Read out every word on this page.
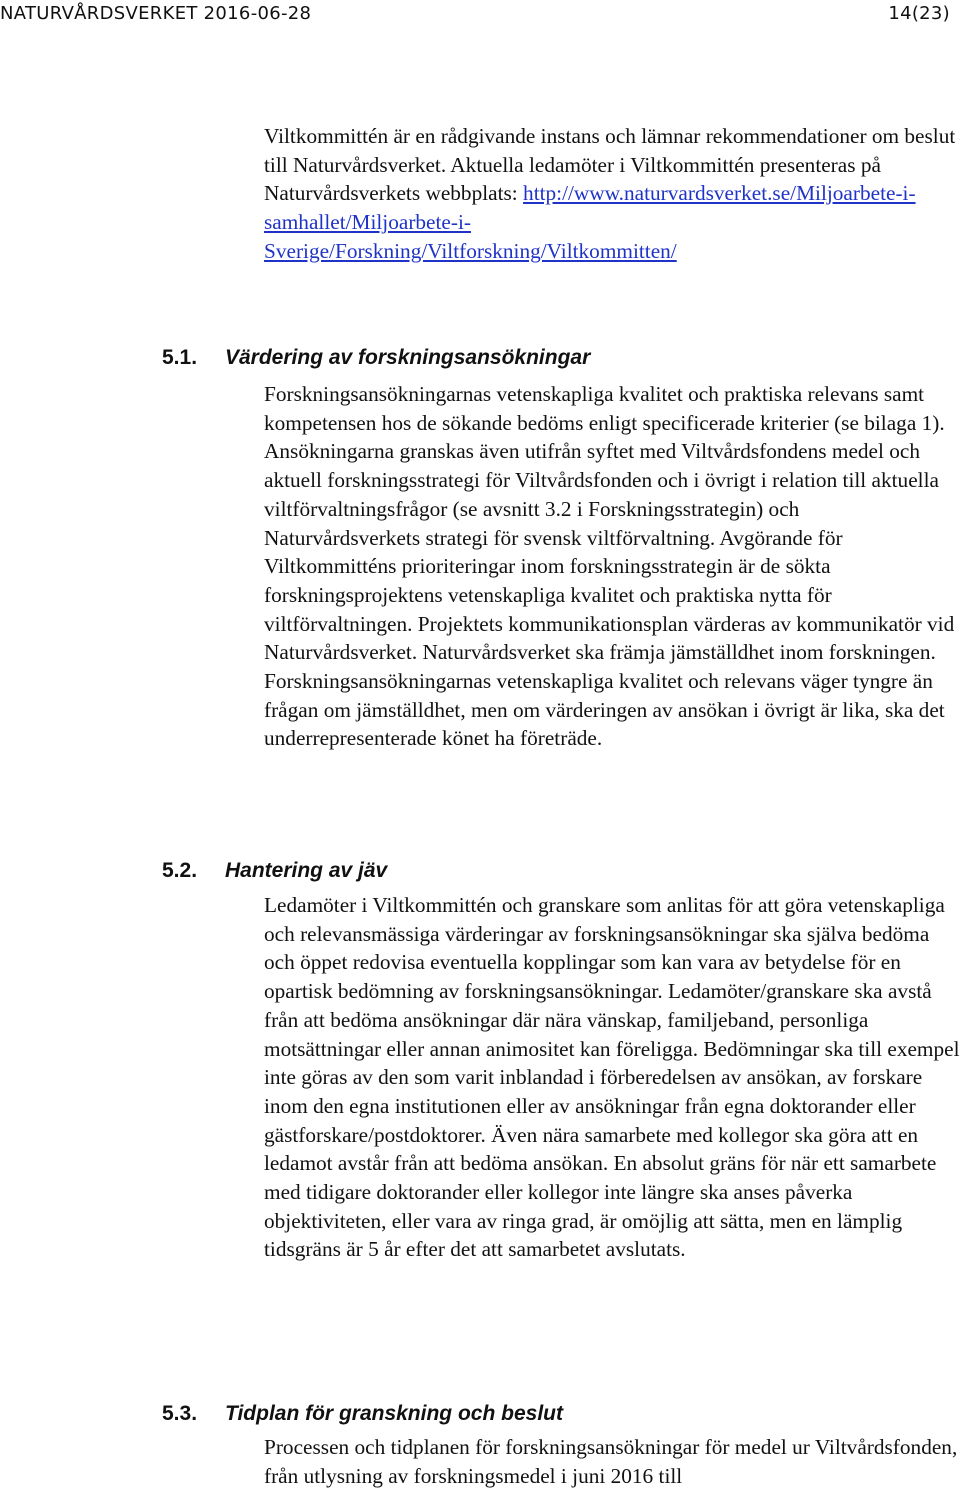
NATURVÅRDSVERKET 2016-06-28	14(23)

Viltkommittén är en rådgivande instans och lämnar rekommendationer om beslut till Naturvårdsverket. Aktuella ledamöter i Viltkommittén presenteras på Naturvårdsverkets webbplats: http://www.naturvardsverket.se/Miljoarbete-i-
samhallet/Miljoarbete-i-
Sverige/Forskning/Viltforskning/Viltkommitten/

5.1. Värdering av forskningsansökningar

Forskningsansökningarnas vetenskapliga kvalitet och praktiska relevans samt kompetensen hos de sökande bedöms enligt specificerade kriterier (se bilaga 1). Ansökningarna granskas även utifrån syftet med Viltvårdsfondens medel och aktuell forskningsstrategi för Viltvårdsfonden och i övrigt i relation till aktuella viltförvaltningsfrågor (se avsnitt 3.2 i Forskningsstrategin) och Naturvårdsverkets strategi för svensk viltförvaltning. Avgörande för Viltkommitténs prioriteringar inom forskningsstrategin är de sökta forskningsprojektens vetenskapliga kvalitet och praktiska nytta för viltförvaltningen. Projektets kommunikationsplan värderas av kommunikatör vid Naturvårdsverket. Naturvårdsverket ska främja jämställdhet inom forskningen. Forskningsansökningarnas vetenskapliga kvalitet och relevans väger tyngre än frågan om jämställdhet, men om värderingen av ansökan i övrigt är lika, ska det underrepresenterade könet ha företräde.

5.2. Hantering av jäv

Ledamöter i Viltkommittén och granskare som anlitas för att göra vetenskapliga och relevansmässiga värderingar av forskningsansökningar ska själva bedöma och öppet redovisa eventuella kopplingar som kan vara av betydelse för en opartisk bedömning av forskningsansökningar. Ledamöter/granskare ska avstå från att bedöma ansökningar där nära vänskap, familjeband, personliga motsättningar eller annan animositet kan föreligga. Bedömningar ska till exempel inte göras av den som varit inblandad i förberedelsen av ansökan, av forskare inom den egna institutionen eller av ansökningar från egna doktorander eller gästforskare/postdoktorer. Även nära samarbete med kollegor ska göra att en ledamot avstår från att bedöma ansökan. En absolut gräns för när ett samarbete med tidigare doktorander eller kollegor inte längre ska anses påverka objektiviteten, eller vara av ringa grad, är omöjlig att sätta, men en lämplig tidsgräns är 5 år efter det att samarbetet avslutats.

5.3. Tidplan för granskning och beslut

Processen och tidplanen för forskningsansökningar för medel ur Viltvårdsfonden, från utlysning av forskningsmedel i juni 2016 till
